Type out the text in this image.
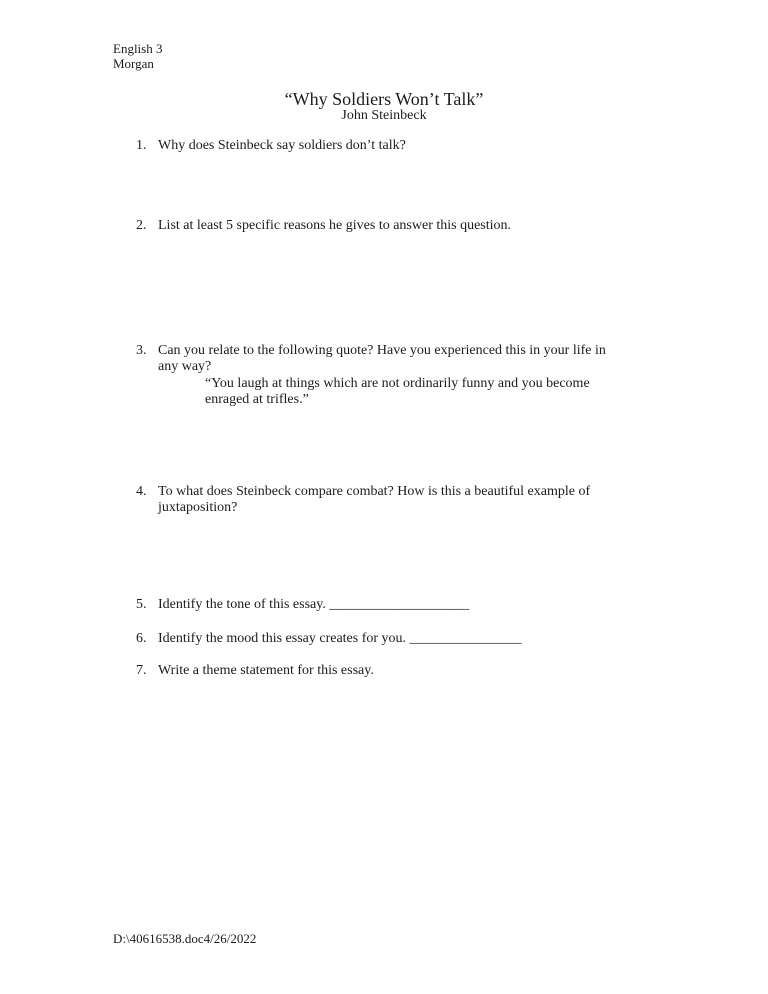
English 3
Morgan
“Why Soldiers Won’t Talk”
John Steinbeck
1. Why does Steinbeck say soldiers don’t talk?
2. List at least 5 specific reasons he gives to answer this question.
3. Can you relate to the following quote? Have you experienced this in your life in
any way?
“You laugh at things which are not ordinarily funny and you become
enraged at trifles.”
4. To what does Steinbeck compare combat? How is this a beautiful example of
juxtaposition?
5. Identify the tone of this essay. ____________________
6. Identify the mood this essay creates for you. ________________
7. Write a theme statement for this essay.
D:\40616538.doc4/26/2022
